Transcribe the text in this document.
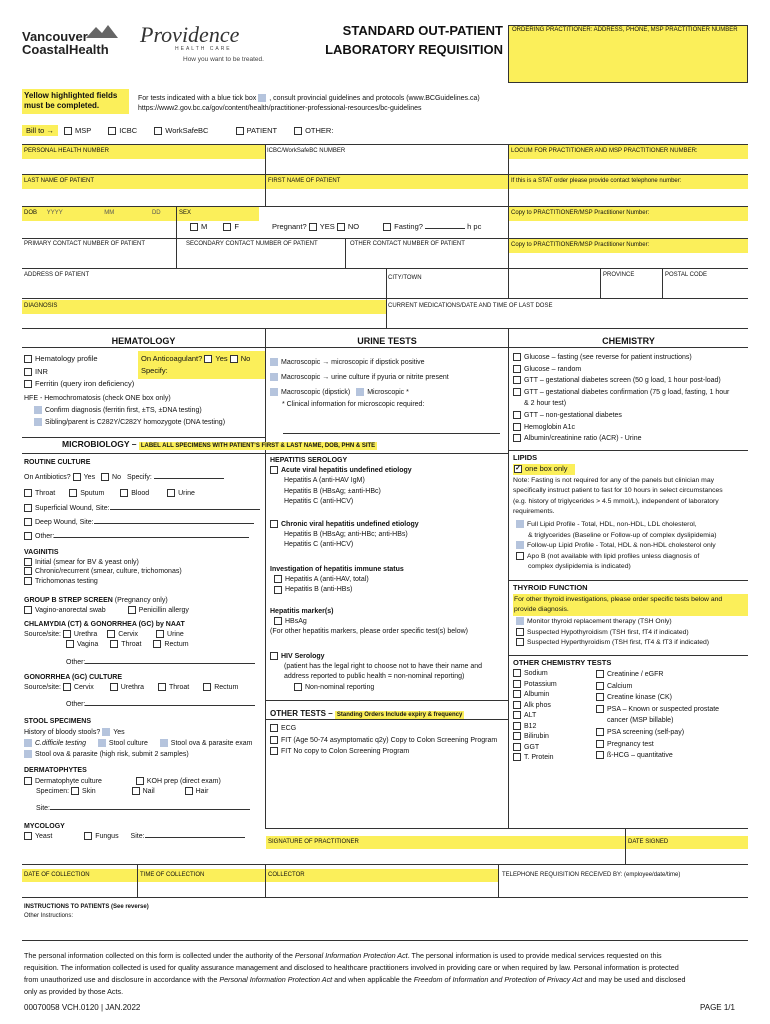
Vancouver
CoastalHealth
Providence
HEALTH CARE
How you want to be treated.
STANDARD OUT-PATIENT
LABORATORY REQUISITION
ORDERING PRACTITIONER: ADDRESS, PHONE, MSP PRACTITIONER NUMBER
Yellow highlighted fields
must be completed.
For tests indicated with a blue tick box , consult provincial guidelines and protocols (www.BCGuidelines.ca)
https://www2.gov.bc.ca/gov/content/health/practitioner-professional-resources/bc-guidelines
Bill to →	MSP	ICBC	WorkSafeBC	PATIENT	OTHER:
PERSONAL HEALTH NUMBER	ICBC/WorkSafeBC NUMBER	LOCUM FOR PRACTITIONER AND MSP PRACTITIONER NUMBER:
LAST NAME OF PATIENT	FIRST NAME OF PATIENT	If this is a STAT order please provide contact telephone number:
DOB YYYY	MM	DD	SEX
M	F	Pregnant? YES NO	Fasting?	h pc
Copy to PRACTITIONER/MSP Practitioner Number:
PRIMARY CONTACT NUMBER OF PATIENT	SECONDARY CONTACT NUMBER OF PATIENT	OTHER CONTACT NUMBER OF PATIENT	Copy to PRACTITIONER/MSP Practitioner Number:
ADDRESS OF PATIENT	CITY/TOWN	PROVINCE	POSTAL CODE
DIAGNOSIS	CURRENT MEDICATIONS/DATE AND TIME OF LAST DOSE
HEMATOLOGY	URINE TESTS	CHEMISTRY
Hematology profile
INR
Ferritin (query iron deficiency)
On Anticoagulant? Yes No
Specify:
HFE - Hemochromatosis (check ONE box only)
Confirm diagnosis (ferritin first, ±TS, ±DNA testing)
Sibling/parent is C282Y/C282Y homozygote (DNA testing)
Macroscopic → microscopic if dipstick positive
Macroscopic → urine culture if pyuria or nitrite present
Macroscopic (dipstick) Microscopic *
* Clinical information for microscopic required:
Glucose – fasting (see reverse for patient instructions)
Glucose – random
GTT – gestational diabetes screen (50 g load, 1 hour post-load)
GTT – gestational diabetes confirmation (75 g load, fasting, 1 hour
& 2 hour test)
GTT – non-gestational diabetes
Hemoglobin A1c
Albumin/creatinine ratio (ACR) - Urine
LIPIDS
✓ one box only
Note: Fasting is not required for any of the panels but clinician may
specifically instruct patient to fast for 10 hours in select circumstances
(e.g. history of triglycerides > 4.5 mmol/L), independent of laboratory
requirements.
Full Lipid Profile - Total, HDL, non-HDL, LDL cholesterol,
& triglycerides (Baseline or Follow-up of complex dyslipidemia)
Follow-up Lipid Profile - Total, HDL & non-HDL cholesterol only
Apo B (not available with lipid profiles unless diagnosis of
complex dyslipidemia is indicated)
THYROID FUNCTION
For other thyroid investigations, please order specific tests below and
provide diagnosis.
Monitor thyroid replacement therapy (TSH Only)
Suspected Hypothyroidism (TSH first, fT4 if indicated)
Suspected Hyperthyroidism (TSH first, fT4 & fT3 if indicated)
OTHER CHEMISTRY TESTS
Sodium
Potassium
Albumin
Alk phos
ALT
B12
Bilirubin
GGT
T. Protein
Creatinine / eGFR
Calcium
Creatine kinase (CK)
PSA – Known or suspected prostate
cancer (MSP billable)
PSA screening (self-pay)
Pregnancy test
ß-HCG – quantitative
MICROBIOLOGY – LABEL ALL SPECIMENS WITH PATIENT’S FIRST & LAST NAME, DOB, PHN & SITE
ROUTINE CULTURE
On Antibiotics? Yes No Specify:
Throat	Sputum	Blood	Urine
Superficial Wound, Site:
Deep Wound, Site:
Other:
VAGINITIS
Initial (smear for BV & yeast only)
Chronic/recurrent (smear, culture, trichomonas)
Trichomonas testing
GROUP B STREP SCREEN (Pregnancy only)
Vagino-anorectal swab	Penicillin allergy
CHLAMYDIA (CT) & GONORRHEA (GC) by NAAT
Source/site: Urethra	Cervix	Urine
Vagina	Throat	Rectum
Other:
GONORRHEA (GC) CULTURE
Source/site: Cervix	Urethra	Throat	Rectum
Other:
STOOL SPECIMENS
History of bloody stools? Yes
C.difficile testing	Stool culture	Stool ova & parasite exam
Stool ova & parasite (high risk, submit 2 samples)
DERMATOPHYTES
Dermatophyte culture	KOH prep (direct exam)
Specimen: Skin	Nail	Hair
Site:
MYCOLOGY
Yeast	Fungus Site:
HEPATITIS SEROLOGY
Acute viral hepatitis undefined etiology
Hepatitis A (anti-HAV IgM)
Hepatitis B (HBsAg; ±anti-HBc)
Hepatitis C (anti-HCV)
Chronic viral hepatitis undefined etiology
Hepatitis B (HBsAg; anti-HBc; anti-HBs)
Hepatitis C (anti-HCV)
Investigation of hepatitis immune status
Hepatitis A (anti-HAV, total)
Hepatitis B (anti-HBs)
Hepatitis marker(s)
HBsAg
(For other hepatitis markers, please order specific test(s) below)
HIV Serology
(patient has the legal right to choose not to have their name and
address reported to public health = non-nominal reporting)
Non-nominal reporting
OTHER TESTS – Standing Orders Include expiry & frequency
ECG
FIT (Age 50-74 asymptomatic q2y) Copy to Colon Screening Program
FIT No copy to Colon Screening Program
SIGNATURE OF PRACTITIONER	DATE SIGNED
DATE OF COLLECTION	TIME OF COLLECTION	COLLECTOR	TELEPHONE REQUISITION RECEIVED BY: (employee/date/time)
INSTRUCTIONS TO PATIENTS (See reverse)
Other Instructions:
The personal information collected on this form is collected under the authority of the Personal Information Protection Act. The personal information is used to provide medical services requested on this
requisition. The information collected is used for quality assurance management and disclosed to healthcare practitioners involved in providing care or when required by law. Personal information is protected
from unauthorized use and disclosure in accordance with the Personal Information Protection Act and when applicable the Freedom of Information and Protection of Privacy Act and may be used and disclosed
only as provided by those Acts.
00070058 VCH.0120 | JAN.2022	PAGE 1/1
